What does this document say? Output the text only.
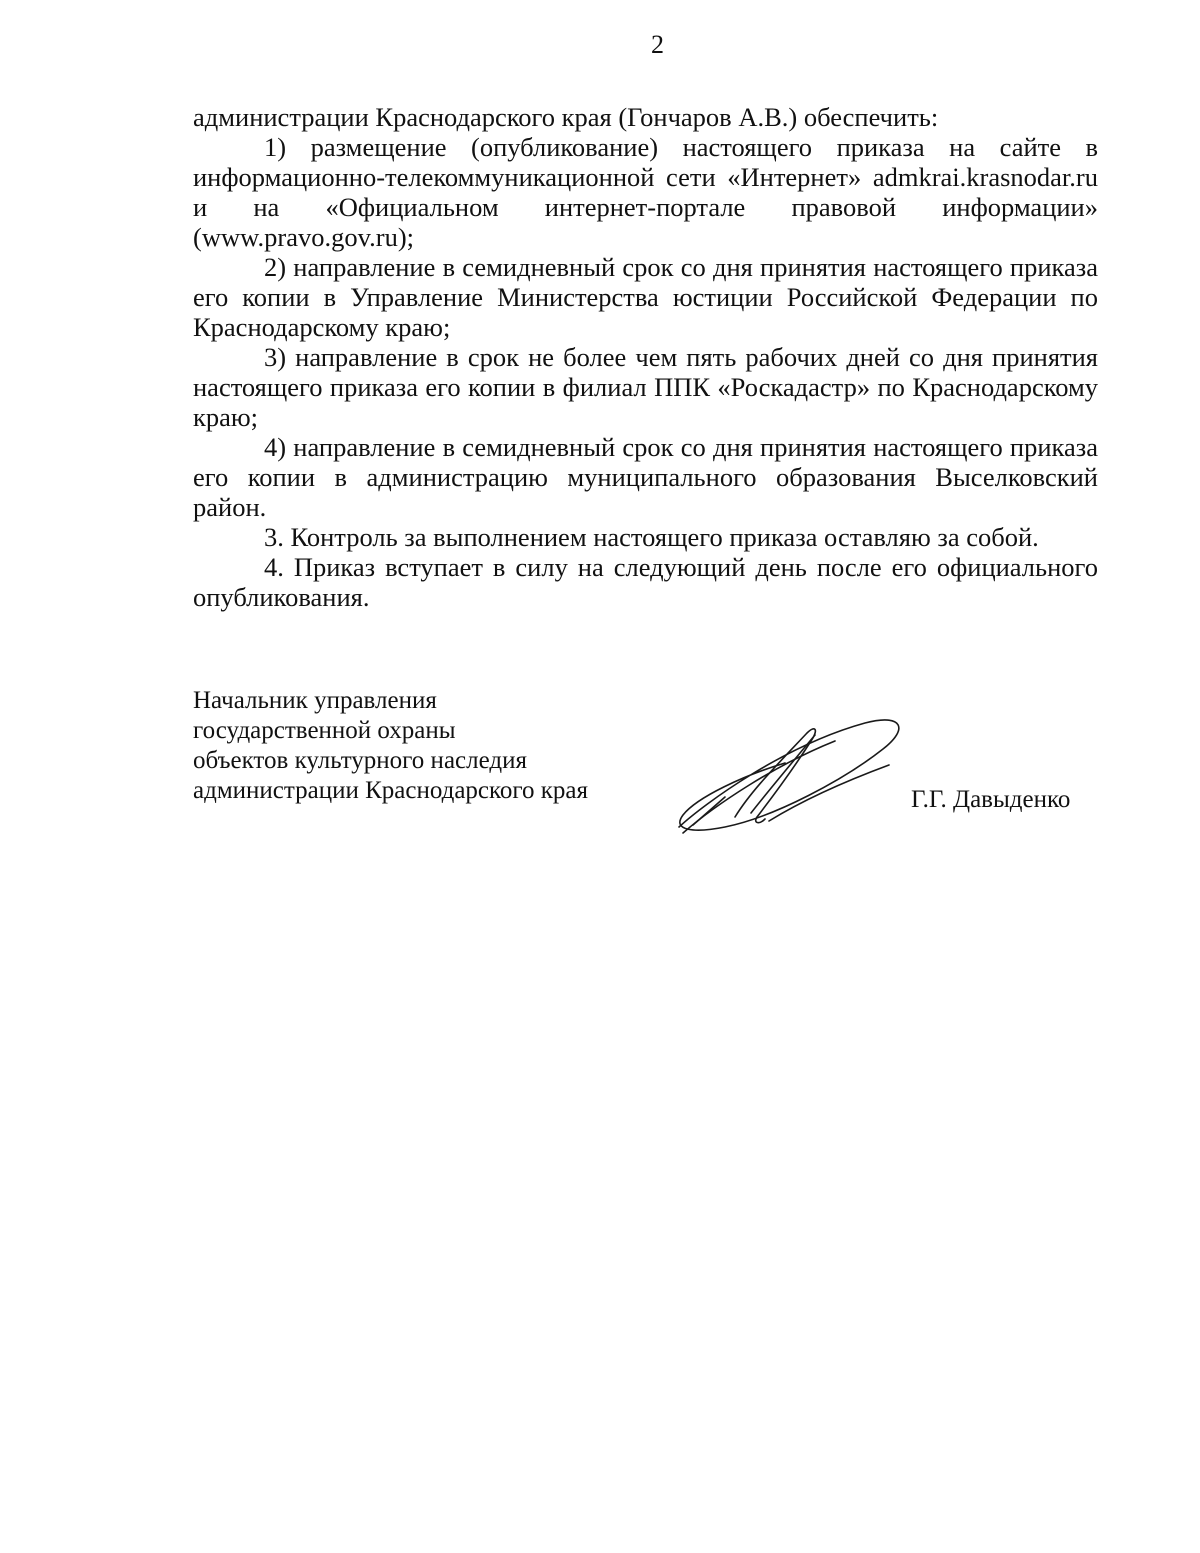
2

администрации Краснодарского края (Гончаров А.В.) обеспечить:

1) размещение (опубликование) настоящего приказа на сайте в информационно-телекоммуникационной сети «Интернет» admkrai.krasnodar.ru и на «Официальном интернет-портале правовой информации» (www.pravo.gov.ru);

2) направление в семидневный срок со дня принятия настоящего приказа его копии в Управление Министерства юстиции Российской Федерации по Краснодарскому краю;

3) направление в срок не более чем пять рабочих дней со дня принятия настоящего приказа его копии в филиал ППК «Роскадастр» по Краснодарскому краю;

4) направление в семидневный срок со дня принятия настоящего приказа его копии в администрацию муниципального образования Выселковский район.

3. Контроль за выполнением настоящего приказа оставляю за собой.

4. Приказ вступает в силу на следующий день после его официального опубликования.

Начальник управления
государственной охраны
объектов культурного наследия
администрации Краснодарского края	Г.Г. Давыденко
